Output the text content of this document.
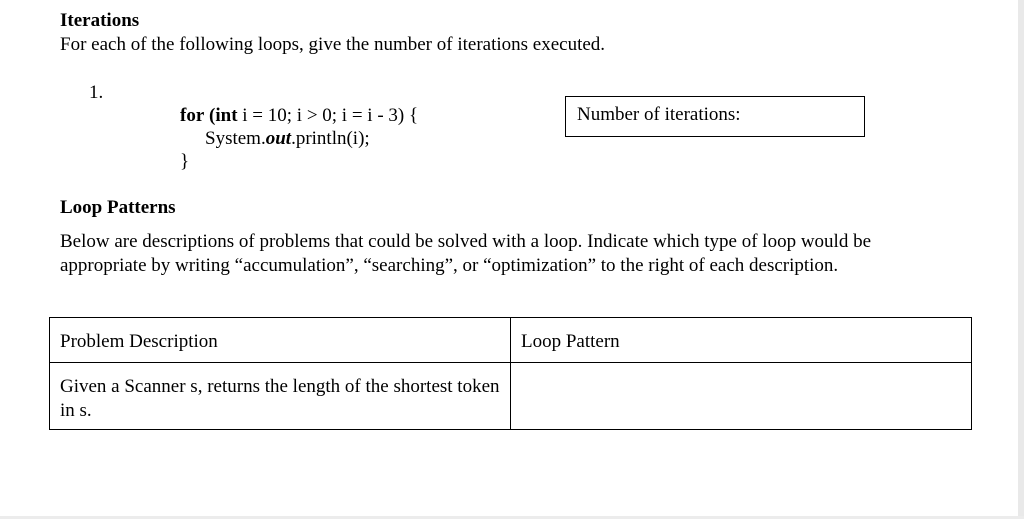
Iterations
For each of the following loops, give the number of iterations executed.
1.
for (int i = 10; i > 0; i = i - 3) {
System.out.println(i);
}
Number of iterations:
Loop Patterns
Below are descriptions of problems that could be solved with a loop. Indicate which type of loop would be appropriate by writing “accumulation”, “searching”, or “optimization” to the right of each description.
Problem Description	Loop Pattern

Given a Scanner s, returns the length of the shortest token in s.	
